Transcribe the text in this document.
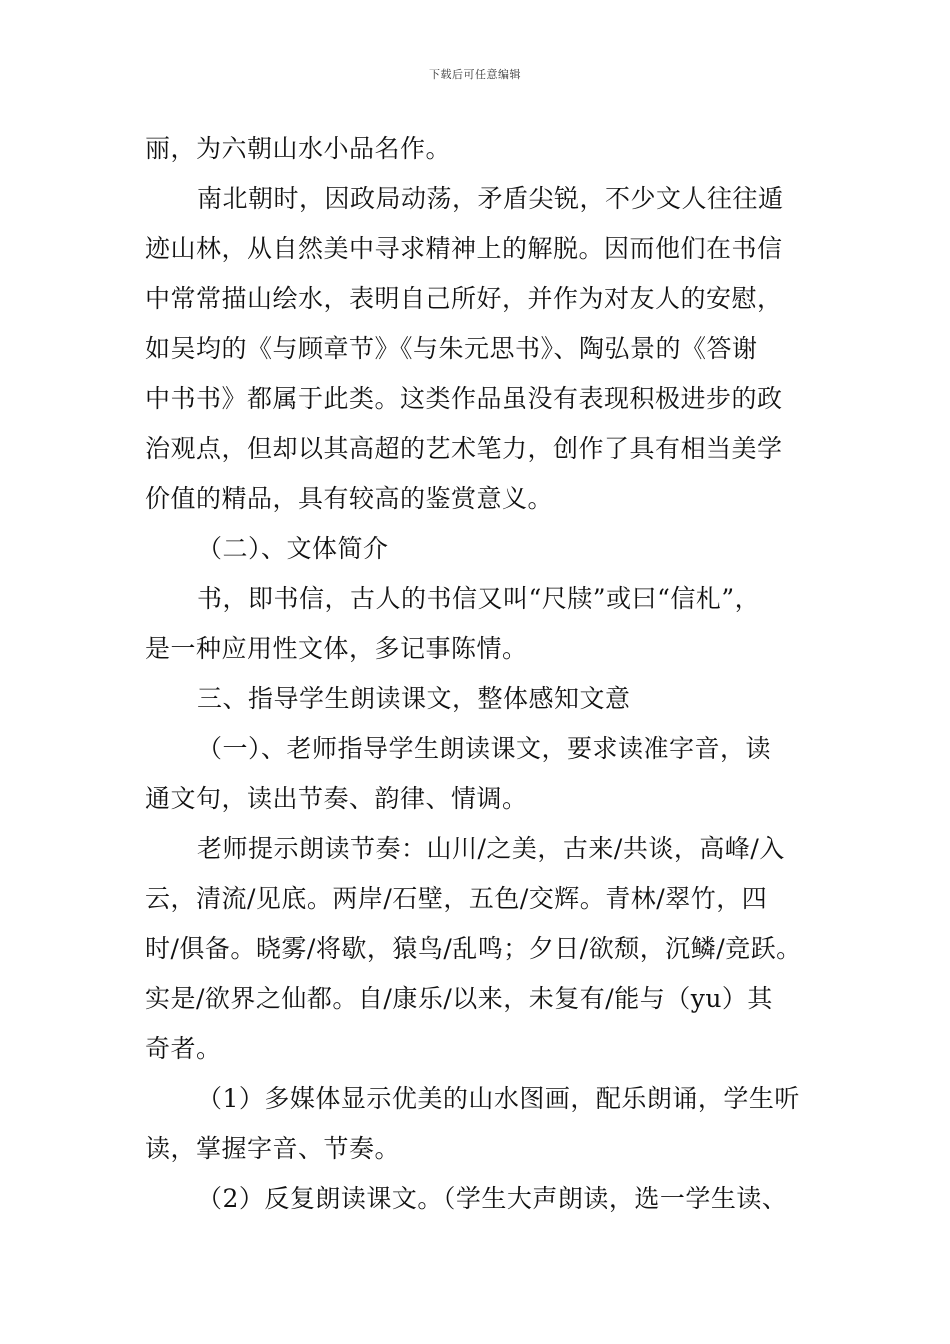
下载后可任意编辑
丽，为六朝山水小品名作。
南北朝时，因政局动荡，矛盾尖锐，不少文人往往遁
迹山林，从自然美中寻求精神上的解脱。因而他们在书信
中常常描山绘水，表明自己所好，并作为对友人的安慰，
如吴均的《与顾章节》《与朱元思书》、陶弘景的《答谢
中书书》都属于此类。这类作品虽没有表现积极进步的政
治观点，但却以其高超的艺术笔力，创作了具有相当美学
价值的精品，具有较高的鉴赏意义。
（二）、文体简介
书，即书信，古人的书信又叫“尺牍”或曰“信札”，
是一种应用性文体，多记事陈情。
三、指导学生朗读课文，整体感知文意
（一）、老师指导学生朗读课文，要求读准字音，读
通文句，读出节奏、韵律、情调。
老师提示朗读节奏：山川/之美，古来/共谈，高峰/入
云，清流/见底。两岸/石壁，五色/交辉。青林/翠竹，四
时/俱备。晓雾/将歇，猿鸟/乱鸣；夕日/欲颓，沉鳞/竞跃。
实是/欲界之仙都。自/康乐/以来，未复有/能与（yu）其
奇者。
（1）多媒体显示优美的山水图画，配乐朗诵，学生听
读，掌握字音、节奏。
（2）反复朗读课文。（学生大声朗读，选一学生读、
